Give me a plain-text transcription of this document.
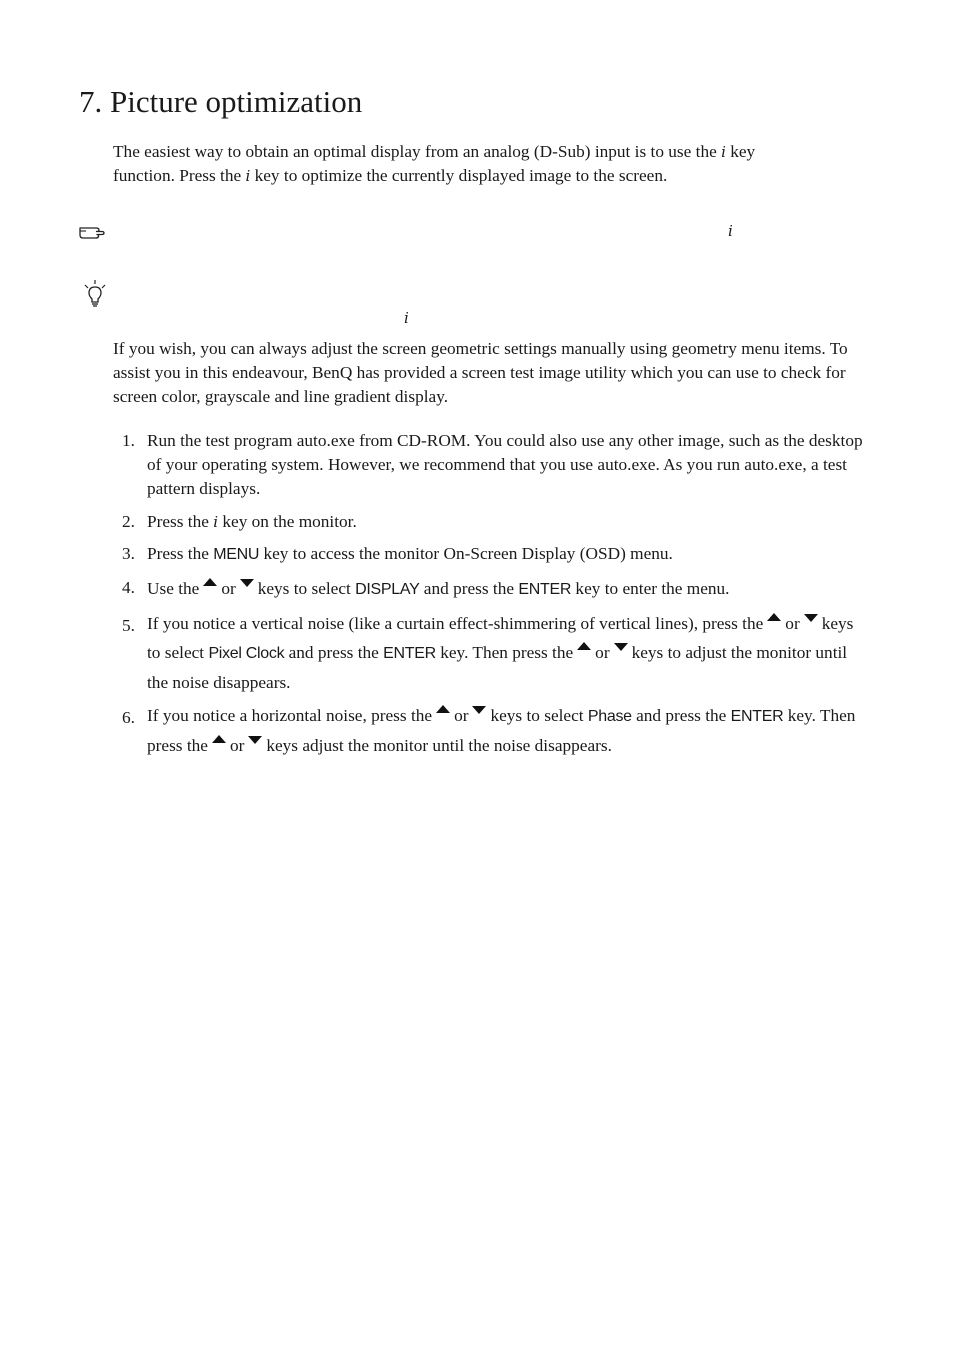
7. Picture optimization
The easiest way to obtain an optimal display from an analog (D-Sub) input is to use the i key
function. Press the i key to optimize the currently displayed image to the screen.
i
i
If you wish, you can always adjust the screen geometric settings manually using geometry menu items. To assist you in this endeavour, BenQ has provided a screen test image utility which you can use to check for screen color, grayscale and line gradient display.
1. Run the test program auto.exe from CD-ROM. You could also use any other image, such as the desktop of your operating system. However, we recommend that you use auto.exe. As you run auto.exe, a test pattern displays.
2. Press the i key on the monitor.
3. Press the MENU key to access the monitor On-Screen Display (OSD) menu.
4. Use the or keys to select DISPLAY and press the ENTER key to enter the menu.
5. If you notice a vertical noise (like a curtain effect-shimmering of vertical lines), press the or keys to select Pixel Clock and press the ENTER key. Then press the or keys to adjust the monitor until the noise disappears.
6. If you notice a horizontal noise, press the or keys to select Phase and press the ENTER key. Then press the or keys adjust the monitor until the noise disappears.
